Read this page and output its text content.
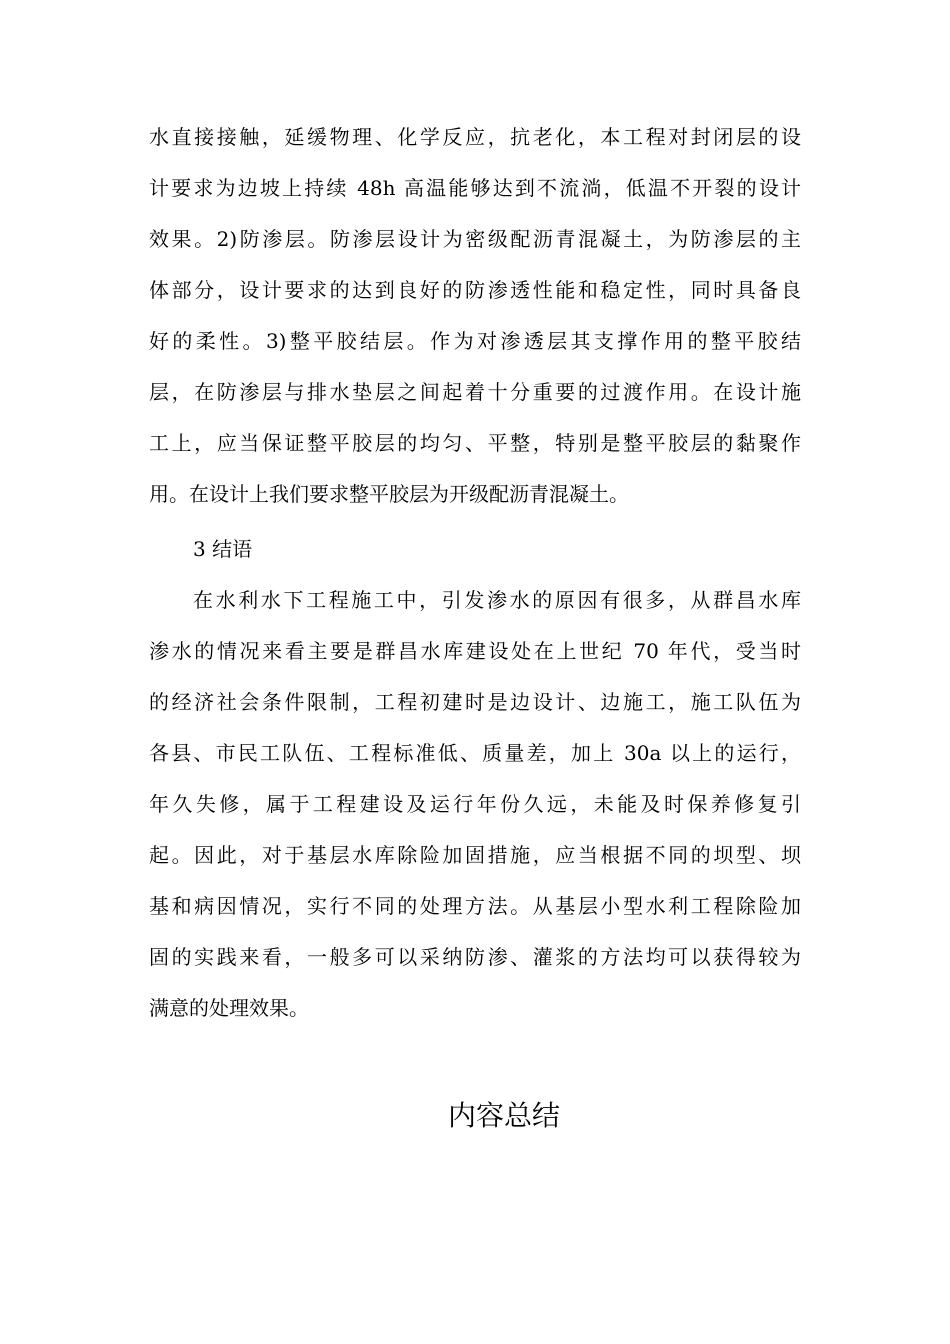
水直接接触，延缓物理、化学反应，抗老化，本工程对封闭层的设
计要求为边坡上持续 48h 高温能够达到不流淌，低温不开裂的设计
效果。2)防渗层。防渗层设计为密级配沥青混凝土，为防渗层的主
体部分，设计要求的达到良好的防渗透性能和稳定性，同时具备良
好的柔性。3)整平胶结层。作为对渗透层其支撑作用的整平胶结
层，在防渗层与排水垫层之间起着十分重要的过渡作用。在设计施
工上，应当保证整平胶层的均匀、平整，特别是整平胶层的黏聚作
用。在设计上我们要求整平胶层为开级配沥青混凝土。
3 结语
在水利水下工程施工中，引发渗水的原因有很多，从群昌水库
渗水的情况来看主要是群昌水库建设处在上世纪 70 年代，受当时
的经济社会条件限制，工程初建时是边设计、边施工，施工队伍为
各县、市民工队伍、工程标准低、质量差，加上 30a 以上的运行，
年久失修，属于工程建设及运行年份久远，未能及时保养修复引
起。因此，对于基层水库除险加固措施，应当根据不同的坝型、坝
基和病因情况，实行不同的处理方法。从基层小型水利工程除险加
固的实践来看，一般多可以采纳防渗、灌浆的方法均可以获得较为
满意的处理效果。
内容总结
